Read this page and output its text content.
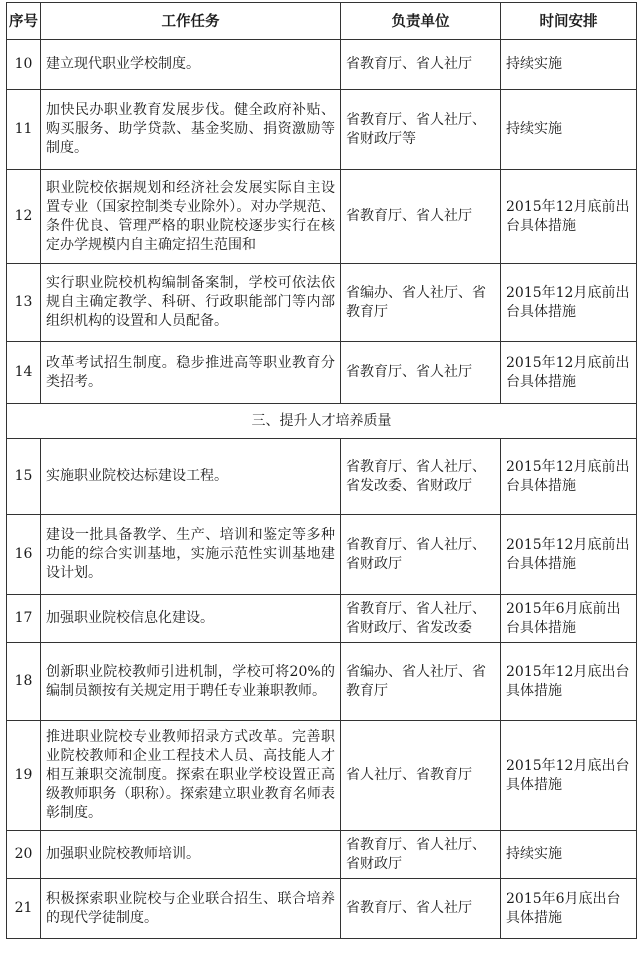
序号	工作任务	负责单位	时间安排
10	建立现代职业学校制度。	省教育厅、省人社厅	持续实施
11	加快民办职业教育发展步伐。健全政府补贴、购买服务、助学贷款、基金奖励、捐资激励等制度。	省教育厅、省人社厅、省财政厅等	持续实施
12	职业院校依据规划和经济社会发展实际自主设置专业（国家控制类专业除外）。对办学规范、条件优良、管理严格的职业院校逐步实行在核定办学规模内自主确定招生范围和	省教育厅、省人社厅	2015年12月底前出台具体措施
13	实行职业院校机构编制备案制，学校可依法依规自主确定教学、科研、行政职能部门等内部组织机构的设置和人员配备。	省编办、省人社厅、省教育厅	2015年12月底前出台具体措施
14	改革考试招生制度。稳步推进高等职业教育分类招考。	省教育厅、省人社厅	2015年12月底前出台具体措施
三、提升人才培养质量			
15	实施职业院校达标建设工程。	省教育厅、省人社厅、省发改委、省财政厅	2015年12月底前出台具体措施
16	建设一批具备教学、生产、培训和鉴定等多种功能的综合实训基地，实施示范性实训基地建设计划。	省教育厅、省人社厅、省财政厅	2015年12月底前出台具体措施
17	加强职业院校信息化建设。	省教育厅、省人社厅、省财政厅、省发改委	2015年6月底前出台具体措施
18	创新职业院校教师引进机制，学校可将20%的编制员额按有关规定用于聘任专业兼职教师。	省编办、省人社厅、省教育厅	2015年12月底出台具体措施
19	推进职业院校专业教师招录方式改革。完善职业院校教师和企业工程技术人员、高技能人才相互兼职交流制度。探索在职业学校设置正高级教师职务（职称）。探索建立职业教育名师表彰制度。	省人社厅、省教育厅	2015年12月底出台具体措施
20	加强职业院校教师培训。	省教育厅、省人社厅、省财政厅	持续实施
21	积极探索职业院校与企业联合招生、联合培养的现代学徒制度。	省教育厅、省人社厅	2015年6月底出台具体措施
